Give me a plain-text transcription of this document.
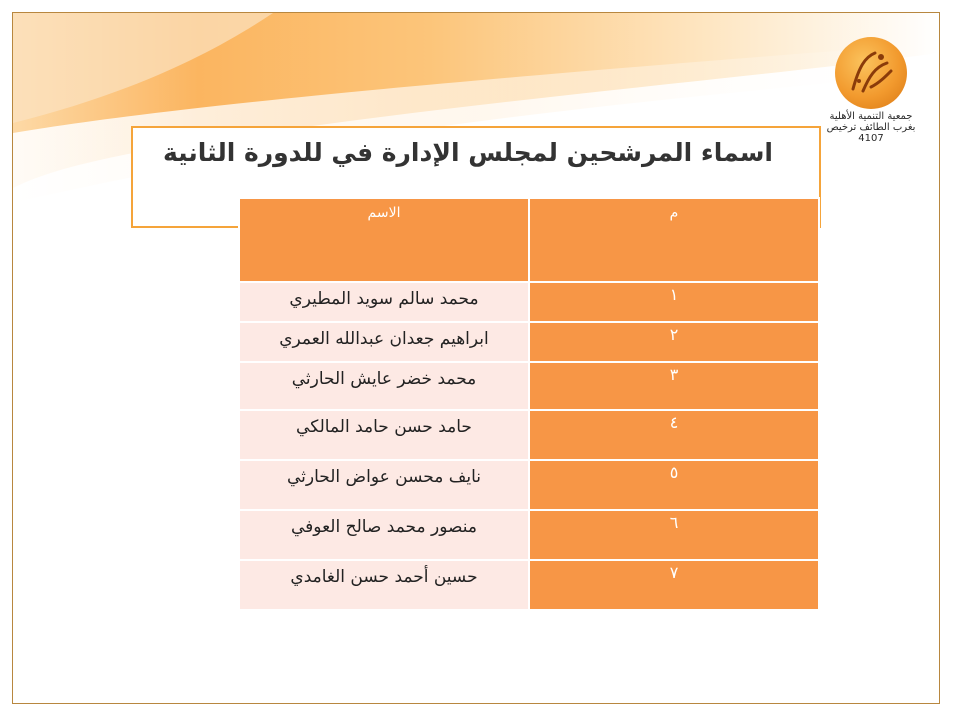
جمعية التنمية الأهلية
بغرب الطائف ترخيص 4107
اسماء المرشحين لمجلس الإدارة في للدورة الثانية
الاسم	م
محمد سالم سويد المطيري	١
ابراهيم جعدان عبدالله العمري	٢
محمد خضر عايش الحارثي	٣
حامد حسن حامد المالكي	٤
نايف محسن عواض الحارثي	٥
منصور محمد صالح العوفي	٦
حسين أحمد حسن الغامدي	٧
